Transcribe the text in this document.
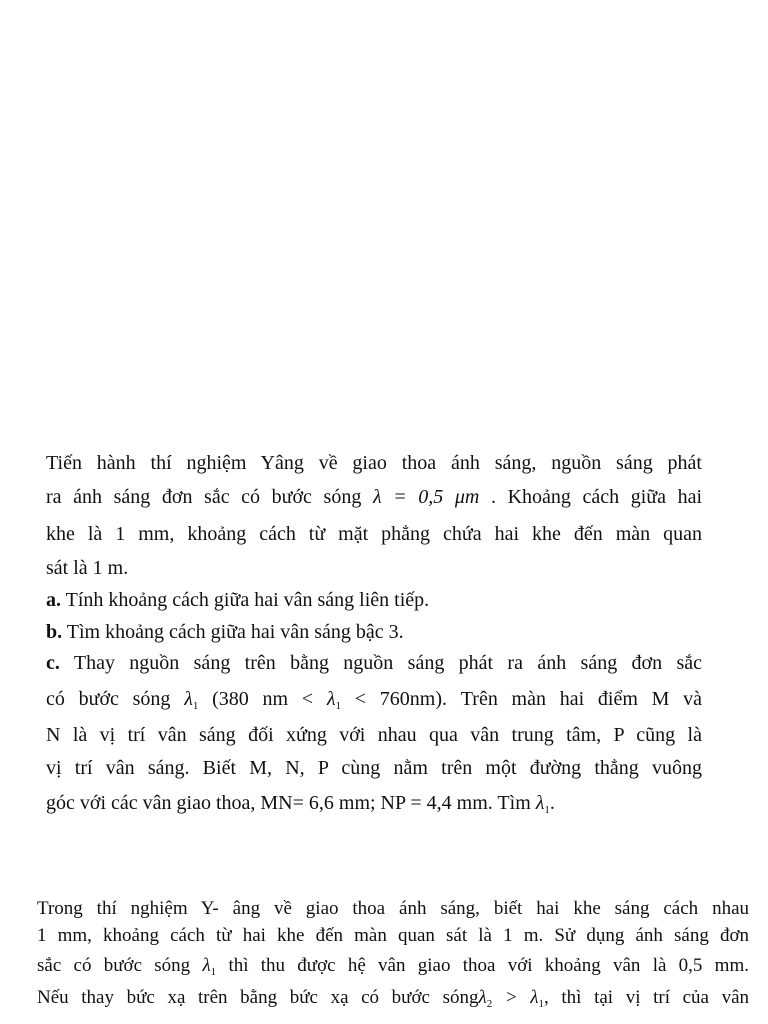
Tiến hành thí nghiệm Yâng về giao thoa ánh sáng, nguồn sáng phát
ra ánh sáng đơn sắc có bước sóng λ = 0,5 μm . Khoảng cách giữa hai
khe là 1 mm, khoảng cách từ mặt phẳng chứa hai khe đến màn quan
sát là 1 m.
a. Tính khoảng cách giữa hai vân sáng liên tiếp.
b. Tìm khoảng cách giữa hai vân sáng bậc 3.
c. Thay nguồn sáng trên bằng nguồn sáng phát ra ánh sáng đơn sắc
có bước sóng $\lambda_1$ (380 nm < $\lambda_1 < 760nm$). Trên màn hai điểm M và
N là vị trí vân sáng đối xứng với nhau qua vân trung tâm, P cũng là
vị trí vân sáng. Biết M, N, P cùng nằm trên một đường thẳng vuông
góc với các vân giao thoa, MN= 6,6 mm; NP = 4,4 mm. Tìm $\lambda_1$.
Trong thí nghiệm Y- âng về giao thoa ánh sáng, biết hai khe sáng cách nhau
1 mm, khoảng cách từ hai khe đến màn quan sát là 1 m. Sử dụng ánh sáng đơn
sắc có bước sóng $\lambda_1$ thì thu được hệ vân giao thoa với khoảng vân là 0,5 mm.
Nếu thay bức xạ trên bằng bức xạ có bước sóngλ$_2$ > $\lambda_1$, thì tại vị trí của vân
